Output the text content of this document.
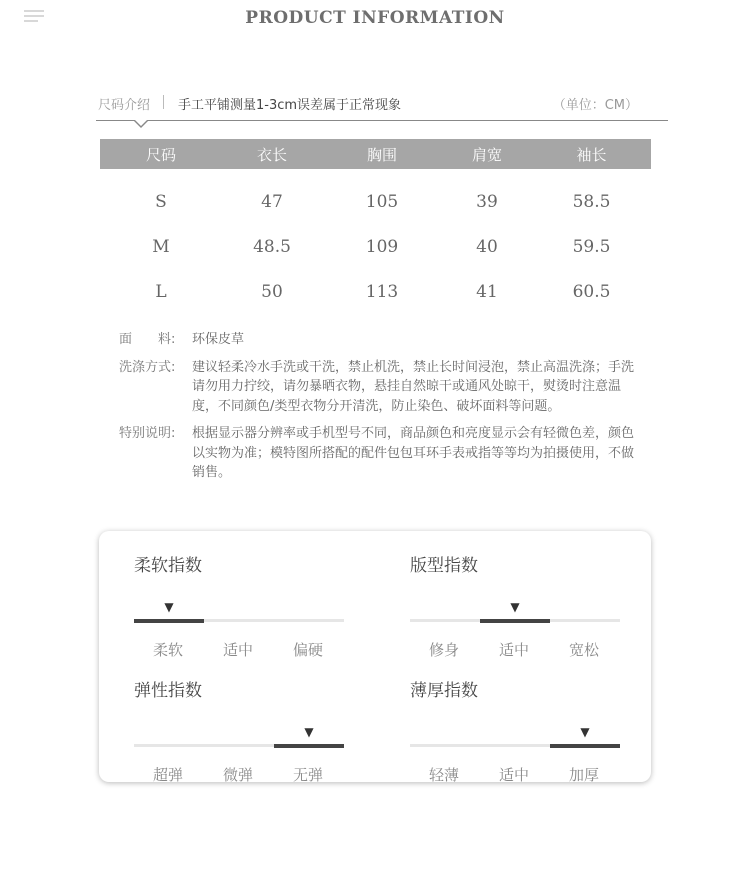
PRODUCT INFORMATION
尺码介绍 手工平铺测量1-3cm误差属于正常现象	（单位：CM）
尺码	衣长	胸围	肩宽	袖长

S	47	105	39	58.5
M	48.5	109	40	59.5
L	50	113	41	60.5
面　　料:	环保皮草
洗涤方式:	建议轻柔冷水手洗或干洗，禁止机洗，禁止长时间浸泡，禁止高温洗涤；手洗请勿用力拧绞，请勿暴晒衣物，悬挂自然晾干或通风处晾干，熨烫时注意温度，不同颜色/类型衣物分开清洗，防止染色、破坏面料等问题。
特别说明:	根据显示器分辨率或手机型号不同，商品颜色和亮度显示会有轻微色差，颜色以实物为准；模特图所搭配的配件包包耳环手表戒指等等均为拍摄使用，不做销售。
柔软指数
▼
柔软	适中	偏硬
版型指数
▼
修身	适中	宽松
弹性指数
▼
超弹	微弹	无弹
薄厚指数
▼
轻薄	适中	加厚
